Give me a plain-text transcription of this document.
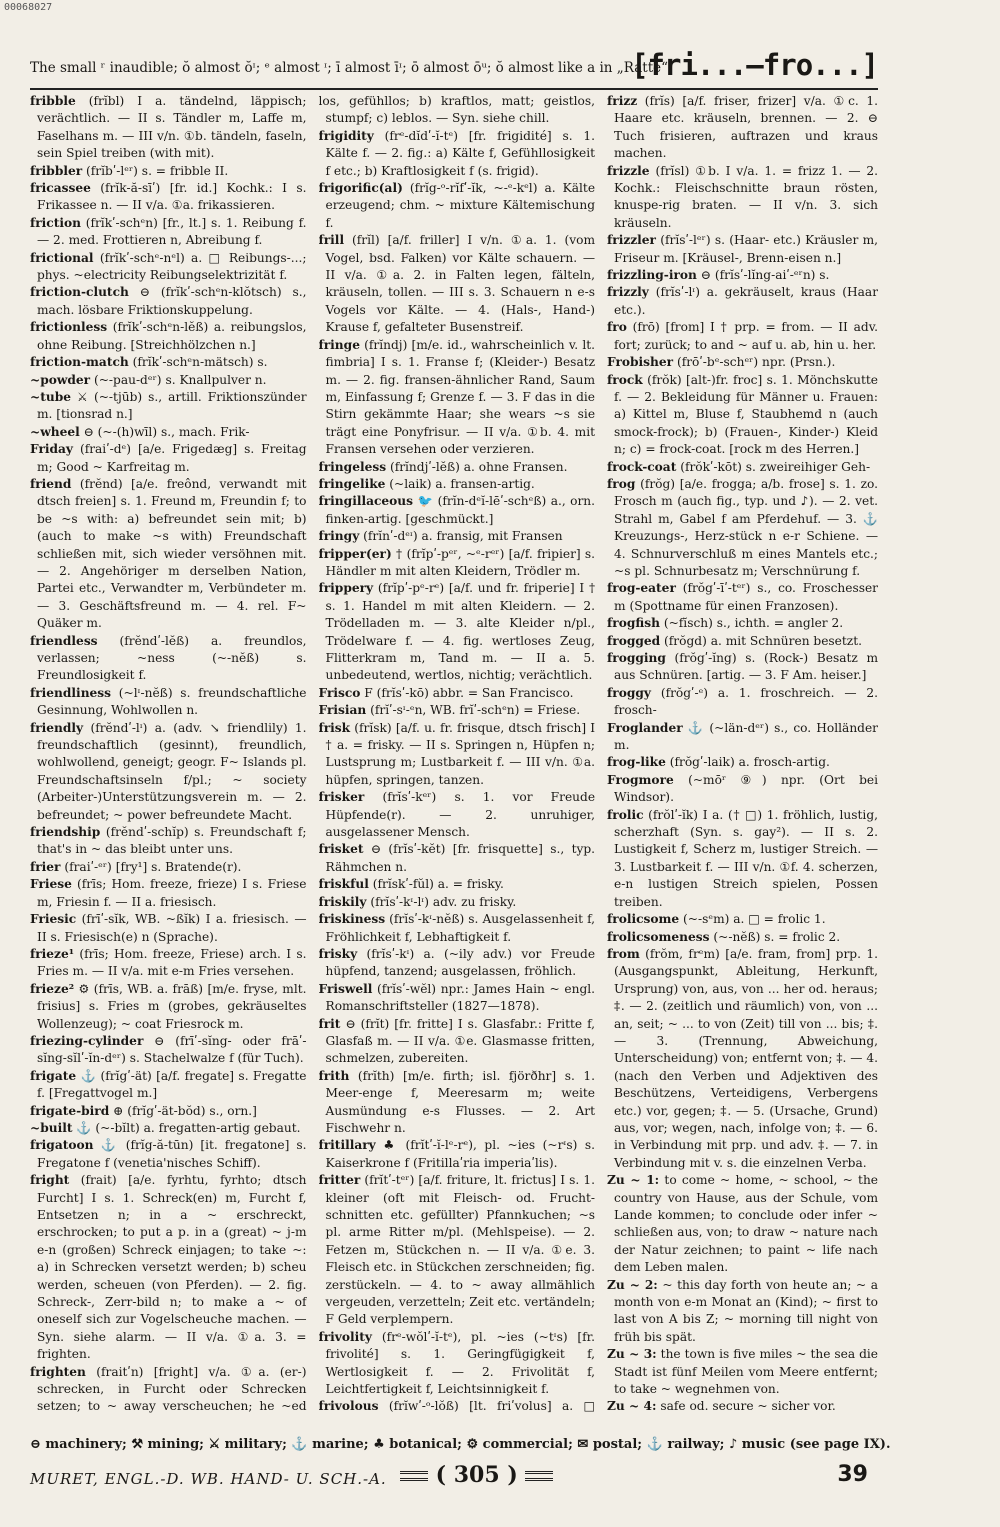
00068027
The small ʳ inaudible; ŏ almost ŏᶦ; ᵉ almost ᶦ; ī almost īᶦ; ō almost ōᵘ; ŏ almost like a in „Ratte“.
[fri...—fro...]

fribble (frĭbl) I a. tändelnd, läppisch; verächtlich. — II s. Tändler m, Laffe m, Faselhans m. — III v/n. ①b. tändeln, faseln, sein Spiel treiben (with mit).

fribbler (frĭbʹ-lᵉʳ) s. = fribble II.

fricassee (frĭk-ă-sīʹ) [fr. id.] Kochk.: I s. Frikassee n. — II v/a. ①a. frikassieren.

friction (frĭkʹ-schᵉn) [fr., lt.] s. 1. Reibung f. — 2. med. Frottieren n, Abreibung f.

frictional (frĭkʹ-schᵉ-nᵉl) a. □ Reibungs-...; phys. ~electricity Reibungselektrizität f.

friction-clutch ⊖ (frĭkʹ-schᵉn-klŏtsch) s., mach. lösbare Friktionskuppelung.

frictionless (frĭkʹ-schᵉn-lĕß) a. reibungslos, ohne Reibung. [Streichhölzchen n.]

friction-match (frĭkʹ-schᵉn-mätsch) s.

~powder (~-pau-dᵉʳ) s. Knallpulver n.

~tube ⚔ (~-tjūb) s., artill. Friktionszünder m. [tionsrad n.]

~wheel ⊖ (~-(h)wīl) s., mach. Frik-

Friday (fraiʹ-dᵉ) [a/e. Frigedæg] s. Freitag m; Good ~ Karfreitag m.

friend (frĕnd) [a/e. freônd, verwandt mit dtsch freien] s. 1. Freund m, Freundin f; to be ~s with: a) befreundet sein mit; b) (auch to make ~s with) Freundschaft schließen mit, sich wieder versöhnen mit. — 2. Angehöriger m derselben Nation, Partei etc., Verwandter m, Verbündeter m. — 3. Geschäftsfreund m. — 4. rel. F~ Quäker m.

friendless (frĕndʹ-lĕß) a. freundlos, verlassen; ~ness (~-nĕß) s. Freundlosigkeit f.

friendliness (~lᶦ-nĕß) s. freundschaftliche Gesinnung, Wohlwollen n.

friendly (frĕndʹ-lᶦ) a. (adv. ↘ friendlily) 1. freundschaftlich (gesinnt), freundlich, wohlwollend, geneigt; geogr. F~ Islands pl. Freundschaftsinseln f/pl.; ~ society (Arbeiter-)Unterstützungsverein m. — 2. befreundet; ~ power befreundete Macht.

friendship (frĕndʹ-schĭp) s. Freundschaft f; that's in ~ das bleibt unter uns.

frier (fraiʹ-ᵉʳ) [fry¹] s. Bratende(r).

Friese (frīs; Hom. freeze, frieze) I s. Friese m, Friesin f. — II a. friesisch.

Friesic (frīʹ-sĭk, WB. ~ßĭk) I a. friesisch. — II s. Friesisch(e) n (Sprache).

frieze¹ (frīs; Hom. freeze, Friese) arch. I s. Fries m. — II v/a. mit e-m Fries versehen.

frieze² ⚙ (frīs, WB. a. frāß) [m/e. fryse, mlt. frisius] s. Fries m (grobes, gekräuseltes Wollenzeug); ~ coat Friesrock m.

friezing-cylinder ⊖ (frīʹ-sĭng- oder frāʹ-sĭng-sĭlʹ-ĭn-dᵉʳ) s. Stachelwalze f (für Tuch).

frigate ⚓ (frĭgʹ-ät) [a/f. fregate] s. Fregatte f. [Fregattvogel m.]

frigate-bird ⊕ (frĭgʹ-ät-bŏd) s., orn.]

~built ⚓ (~-bĭlt) a. fregatten-artig gebaut.

frigatoon ⚓ (frĭg-ă-tūn) [it. fregatone] s. Fregatone f (venetia'nisches Schiff).

fright (frait) [a/e. fyrhtu, fyrhto; dtsch Furcht] I s. 1. Schreck(en) m, Furcht f, Entsetzen n; in a ~ erschreckt, erschrocken; to put a p. in a (great) ~ j-m e-n (großen) Schreck einjagen; to take ~: a) in Schrecken versetzt werden; b) scheu werden, scheuen (von Pferden). — 2. fig. Schreck-, Zerr-bild n; to make a ~ of oneself sich zur Vogelscheuche machen. — Syn. siehe alarm. — II v/a. ①a. 3. = frighten.

frighten (fraitʹn) [fright] v/a. ①a. (er-) schrecken, in Furcht oder Schrecken setzen; to ~ away verscheuchen; he ~ed

los, gefühllos; b) kraftlos, matt; geistlos, stumpf; c) leblos. — Syn. siehe chill.

frigidity (frᵉ-dĭdʹ-ĭ-tᵉ) [fr. frigidité] s. 1. Kälte f. — 2. fig.: a) Kälte f, Gefühllosigkeit f etc.; b) Kraftlosigkeit f (s. frigid).

frigorific(al) (frĭg-ᵒ-rĭfʹ-ĭk, ~-ᵉ-kᵉl) a. Kälte erzeugend; chm. ~ mixture Kältemischung f.

frill (frĭl) [a/f. friller] I v/n. ①a. 1. (vom Vogel, bsd. Falken) vor Kälte schauern. — II v/a. ①a. 2. in Falten legen, fälteln, kräuseln, tollen. — III s. 3. Schauern n e-s Vogels vor Kälte. — 4. (Hals-, Hand-) Krause f, gefalteter Busenstreif.

fringe (frĭndj) [m/e. id., wahrscheinlich v. lt. fimbria] I s. 1. Franse f; (Kleider-) Besatz m. — 2. fig. fransen-ähnlicher Rand, Saum m, Einfassung f; Grenze f. — 3. F das in die Stirn gekämmte Haar; she wears ~s sie trägt eine Ponyfrisur. — II v/a. ①b. 4. mit Fransen versehen oder verzieren.

fringeless (frĭndjʹ-lĕß) a. ohne Fransen.

fringelike (~laik) a. fransen-artig.

fringillaceous 🐦 (frĭn-dᵉĭ-lēʹ-schᵉß) a., orn. finken-artig. [geschmückt.]

fringy (frĭnʹ-dᵉᶦ) a. fransig, mit Fransen

fripper(er) † (frĭpʹ-pᵉʳ, ~ᵉ-rᵉʳ) [a/f. fripier] s. Händler m mit alten Kleidern, Trödler m.

frippery (frĭpʹ-pᵉ-rᵉ) [a/f. und fr. friperie] I † s. 1. Handel m mit alten Kleidern. — 2. Trödelladen m. — 3. alte Kleider n/pl., Trödelware f. — 4. fig. wertloses Zeug, Flitterkram m, Tand m. — II a. 5. unbedeutend, wertlos, nichtig; verächtlich.

Frisco F (frĭsʹ-kō) abbr. = San Francisco.

Frisian (frĭʹ-sᶦ-ᵉn, WB. frĭʹ-schᵉn) = Friese.

frisk (frĭsk) [a/f. u. fr. frisque, dtsch frisch] I † a. = frisky. — II s. Springen n, Hüpfen n; Lustsprung m; Lustbarkeit f. — III v/n. ①a. hüpfen, springen, tanzen.

frisker (frĭsʹ-kᵉʳ) s. 1. vor Freude Hüpfende(r). — 2. unruhiger, ausgelassener Mensch.

frisket ⊖ (frĭsʹ-kĕt) [fr. frisquette] s., typ. Rähmchen n.

friskful (frĭskʹ-fŭl) a. = frisky.

friskily (frĭsʹ-kᶦ-lᶦ) adv. zu frisky.

friskiness (frĭsʹ-kᶦ-nĕß) s. Ausgelassenheit f, Fröhlichkeit f, Lebhaftigkeit f.

frisky (frĭsʹ-kᶦ) a. (~ily adv.) vor Freude hüpfend, tanzend; ausgelassen, fröhlich.

Friswell (frĭsʹ-wĕl) npr.: James Hain ~ engl. Romanschriftsteller (1827—1878).

frit ⊖ (frĭt) [fr. fritte] I s. Glasfabr.: Fritte f, Glasfaß m. — II v/a. ①e. Glasmasse fritten, schmelzen, zubereiten.

frith (frĭth) [m/e. firth; isl. fjörðhr] s. 1. Meer-enge f, Meeresarm m; weite Ausmündung e-s Flusses. — 2. Art Fischwehr n.

fritillary ♣ (frĭtʹ-ĭ-lᵉ-rᵉ), pl. ~ies (~rᶦs) s. Kaiserkrone f (Fritillaʹria imperiaʹlis).

fritter (frĭtʹ-tᵉʳ) [a/f. friture, lt. frictus] I s. 1. kleiner (oft mit Fleisch- od. Frucht-schnitten etc. gefüllter) Pfannkuchen; ~s pl. arme Ritter m/pl. (Mehlspeise). — 2. Fetzen m, Stückchen n. — II v/a. ①e. 3. Fleisch etc. in Stückchen zerschneiden; fig. zerstückeln. — 4. to ~ away allmählich vergeuden, verzetteln; Zeit etc. vertändeln; F Geld verplempern.

frivolity (frᵉ-wŏlʹ-ĭ-tᵉ), pl. ~ies (~tᶦs) [fr. frivolité] s. 1. Geringfügigkeit f, Wertlosigkeit f. — 2. Frivolität f, Leichtfertigkeit f, Leichtsinnigkeit f.

frivolous (frĭwʹ-ᵒ-lŏß) [lt. friʹvolus] a. □

frizz (frĭs) [a/f. friser, frizer] v/a. ①c. 1. Haare etc. kräuseln, brennen. — 2. ⊖ Tuch frisieren, auftrazen und kraus machen.

frizzle (frĭsl) ①b. I v/a. 1. = frizz 1. — 2. Kochk.: Fleischschnitte braun rösten, knuspe-rig braten. — II v/n. 3. sich kräuseln.

frizzler (frĭsʹ-lᵉʳ) s. (Haar- etc.) Kräusler m, Friseur m. [Kräusel-, Brenn-eisen n.]

frizzling-iron ⊖ (frĭsʹ-lĭng-aiʹ-ᵉʳn) s.

frizzly (frĭsʹ-lᶦ) a. gekräuselt, kraus (Haar etc.).

fro (frō) [from] I † prp. = from. — II adv. fort; zurück; to and ~ auf u. ab, hin u. her.

Frobisher (frōʹ-bᵉ-schᵉʳ) npr. (Prsn.).

frock (frŏk) [alt-)fr. froc] s. 1. Mönchskutte f. — 2. Bekleidung für Männer u. Frauen: a) Kittel m, Bluse f, Staubhemd n (auch smock-frock); b) (Frauen-, Kinder-) Kleid n; c) = frock-coat. [rock m des Herren.]

frock-coat (frŏkʹ-kōt) s. zweireihiger Geh-

frog (frŏg) [a/e. frogga; a/b. frose] s. 1. zo. Frosch m (auch fig., typ. und ♪). — 2. vet. Strahl m, Gabel f am Pferdehuf. — 3. ⚓ Kreuzungs-, Herz-stück n e-r Schiene. — 4. Schnurverschluß m eines Mantels etc.; ~s pl. Schnurbesatz m; Verschnürung f.

frog-eater (frŏgʹ-īʹ-tᵉʳ) s., co. Froschesser m (Spottname für einen Franzosen).

frogfish (~fĭsch) s., ichth. = angler 2.

frogged (frŏgd) a. mit Schnüren besetzt.

frogging (frŏgʹ-ĭng) s. (Rock-) Besatz m aus Schnüren. [artig. — 3. F Am. heiser.]

froggy (frŏgʹ-ᵉ) a. 1. froschreich. — 2. frosch-

Froglander ⚓ (~län-dᵉʳ) s., co. Holländer m.

frog-like (frŏgʹ-laik) a. frosch-artig.

Frogmore (~mōʳ ⑨) npr. (Ort bei Windsor).

frolic (frŏlʹ-ĭk) I a. († □) 1. fröhlich, lustig, scherzhaft (Syn. s. gay²). — II s. 2. Lustigkeit f, Scherz m, lustiger Streich. — 3. Lustbarkeit f. — III v/n. ①f. 4. scherzen, e-n lustigen Streich spielen, Possen treiben.

frolicsome (~-sᵉm) a. □ = frolic 1.

frolicsomeness (~-nĕß) s. = frolic 2.

from (frŏm, frᵉm) [a/e. fram, from] prp. 1. (Ausgangspunkt, Ableitung, Herkunft, Ursprung) von, aus, von ... her od. heraus; ‡. — 2. (zeitlich und räumlich) von, von ... an, seit; ~ ... to von (Zeit) till von ... bis; ‡. — 3. (Trennung, Abweichung, Unterscheidung) von; entfernt von; ‡. — 4. (nach den Verben und Adjektiven des Beschützens, Verteidigens, Verbergens etc.) vor, gegen; ‡. — 5. (Ursache, Grund) aus, vor; wegen, nach, infolge von; ‡. — 6. in Verbindung mit prp. und adv. ‡. — 7. in Verbindung mit v. s. die einzelnen Verba.

Zu ~ 1: to come ~ home, ~ school, ~ the country von Hause, aus der Schule, vom Lande kommen; to conclude oder infer ~ schließen aus, von; to draw ~ nature nach der Natur zeichnen; to paint ~ life nach dem Leben malen.

Zu ~ 2: ~ this day forth von heute an; ~ a month von e-m Monat an (Kind); ~ first to last von A bis Z; ~ morning till night von früh bis spät.

Zu ~ 3: the town is five miles ~ the sea die Stadt ist fünf Meilen vom Meere entfernt; to take ~ wegnehmen von.

Zu ~ 4: safe od. secure ~ sicher vor.

⊖ machinery; ⚒ mining; ⚔ military; ⚓ marine; ♣ botanical; ⚙ commercial; ✉ postal; ⚓ railway; ♪ music (see page IX).
MURET, ENGL.-D. WB. HAND- U. SCH.-A.	( 305 )	39
